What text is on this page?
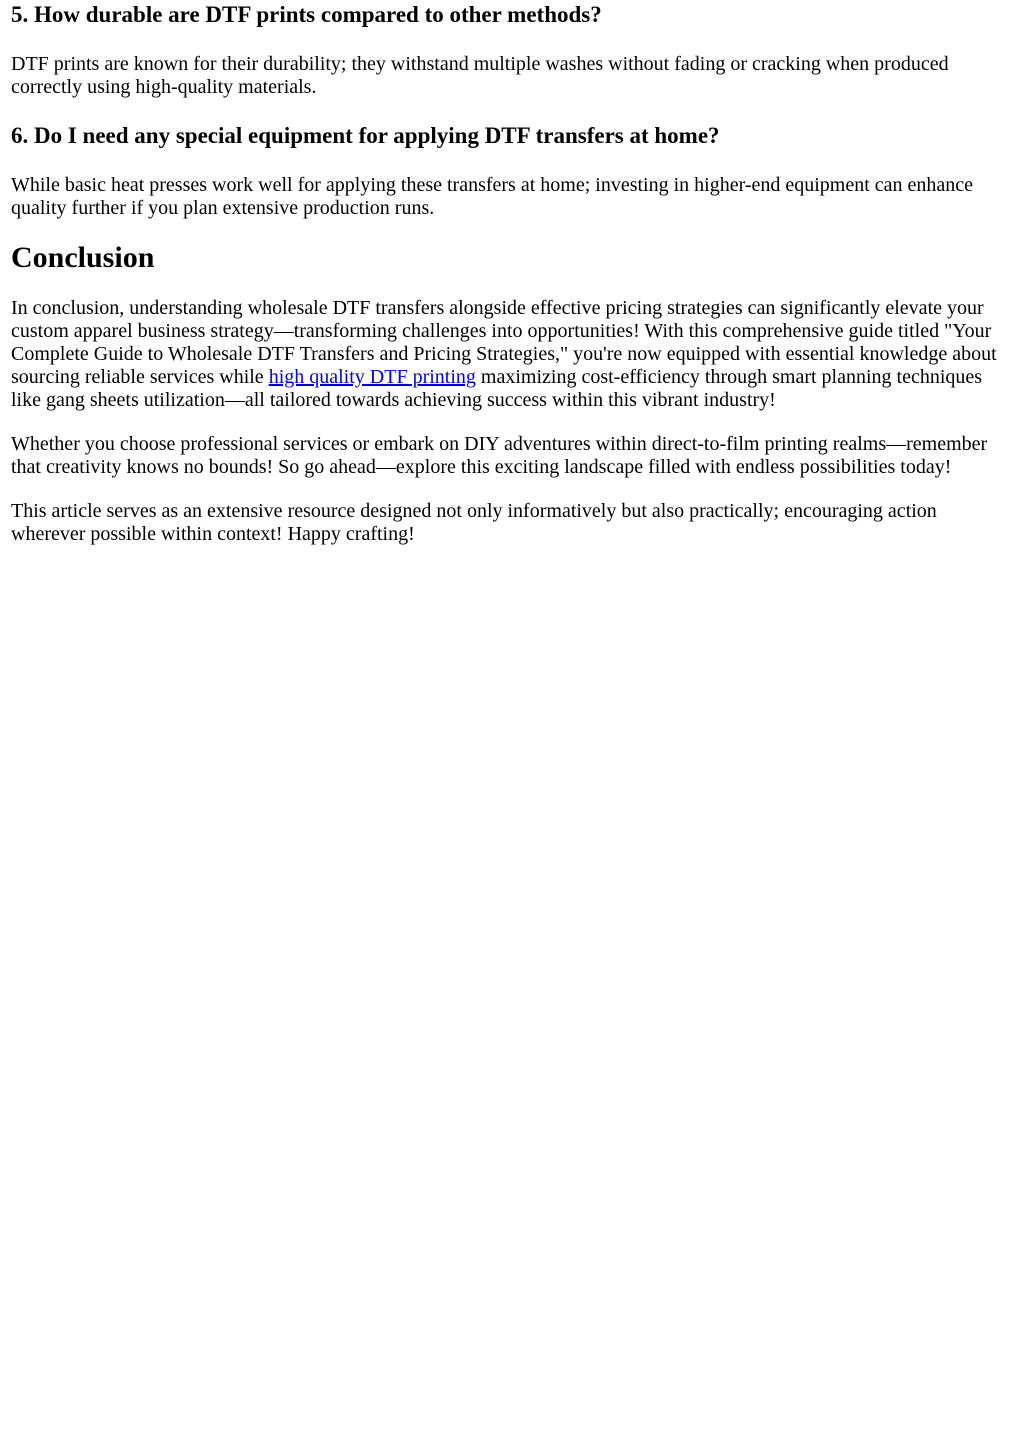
5. How durable are DTF prints compared to other methods?

DTF prints are known for their durability; they withstand multiple washes without fading or cracking when produced correctly using high-quality materials.

6. Do I need any special equipment for applying DTF transfers at home?

While basic heat presses work well for applying these transfers at home; investing in higher-end equipment can enhance quality further if you plan extensive production runs.

Conclusion

In conclusion, understanding wholesale DTF transfers alongside effective pricing strategies can significantly elevate your custom apparel business strategy—transforming challenges into opportunities! With this comprehensive guide titled "Your Complete Guide to Wholesale DTF Transfers and Pricing Strategies," you're now equipped with essential knowledge about sourcing reliable services while high quality DTF printing maximizing cost-efficiency through smart planning techniques like gang sheets utilization—all tailored towards achieving success within this vibrant industry!

Whether you choose professional services or embark on DIY adventures within direct-to-film printing realms—remember that creativity knows no bounds! So go ahead—explore this exciting landscape filled with endless possibilities today!

This article serves as an extensive resource designed not only informatively but also practically; encouraging action wherever possible within context! Happy crafting!
